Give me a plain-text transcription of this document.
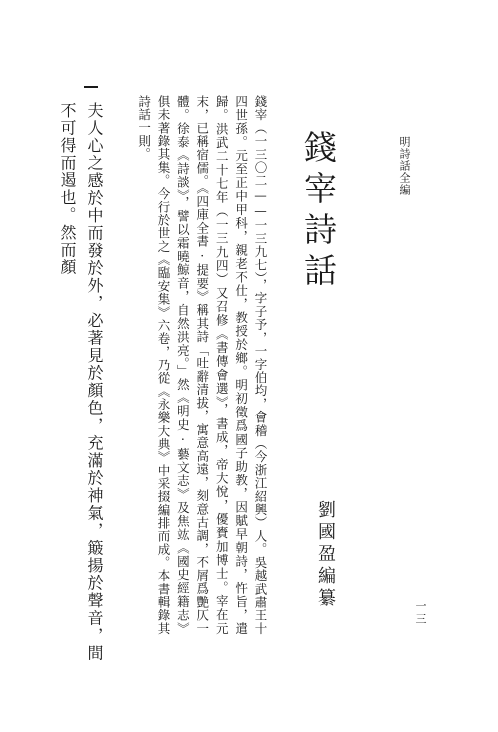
明詩話全編
一三
錢宰詩話
劉國盈編纂
錢宰（一三〇二——一三九七），字子予，一字伯均，會稽（今浙江紹興）人。吳越武肅王十四世孫。元至正中甲科，親老不仕，教授於鄉。明初徵爲國子助教，因賦早朝詩，忤旨，遣歸。洪武二十七年（一三九四）又召修《書傳會選》，書成，帝大悅，優賚加博士。宰在元末，已稱宿儒。《四庫全書·提要》稱其詩「吐辭清拔，寓意高遠，刻意古調，不屑爲艷仄一體。徐泰《詩談》，譬以霜曉鯨音，自然洪亮。」然《明史·藝文志》及焦竑《國史經籍志》俱未著錄其集。今行於世之《臨安集》六卷，乃從《永樂大典》中采掇編排而成。本書輯錄其詩話一則。
夫人心之感於中而發於外，必著見於顏色，充滿於神氣，簸揚於聲音，間不可得而遏也。然而顏
